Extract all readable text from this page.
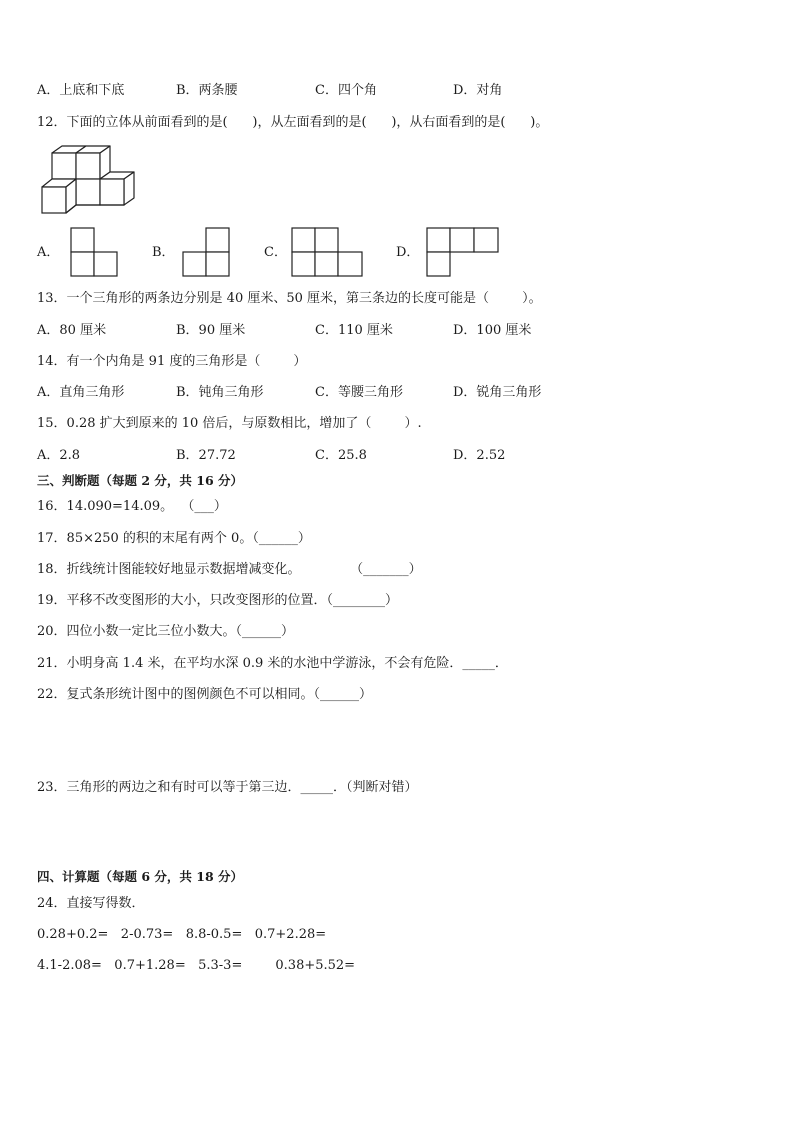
A．上底和下底	B．两条腰	C．四个角	D．对角
12．下面的立体从前面看到的是(      )，从左面看到的是(      )，从右面看到的是(      )。
A．	B．	C．	D．
13．一个三角形的两条边分别是 40 厘米、50 厘米，第三条边的长度可能是（        ）。
A．80 厘米	B．90 厘米	C．110 厘米	D．100 厘米
14．有一个内角是 91 度的三角形是（        ）
A．直角三角形	B．钝角三角形	C．等腰三角形	D．锐角三角形
15．0.28 扩大到原来的 10 倍后，与原数相比，增加了（        ）.
A．2.8	B．27.72	C．25.8	D．2.52
三、判断题（每题 2 分，共 16 分）
16．14.090=14.09。  （___）
17．85×250 的积的末尾有两个 0。（______）
18．折线统计图能较好地显示数据增减变化。            （_______）
19．平移不改变图形的大小，只改变图形的位置．（________）
20．四位小数一定比三位小数大。（______）
21．小明身高 1.4 米，在平均水深 0.9 米的水池中学游泳，不会有危险．_____．
22．复式条形统计图中的图例颜色不可以相同。（______）
23．三角形的两边之和有时可以等于第三边．_____．（判断对错）
四、计算题（每题 6 分，共 18 分）
24．直接写得数．
0.28+0.2=   2-0.73=   8.8-0.5=   0.7+2.28=
4.1-2.08=   0.7+1.28=   5.3-3=        0.38+5.52=
